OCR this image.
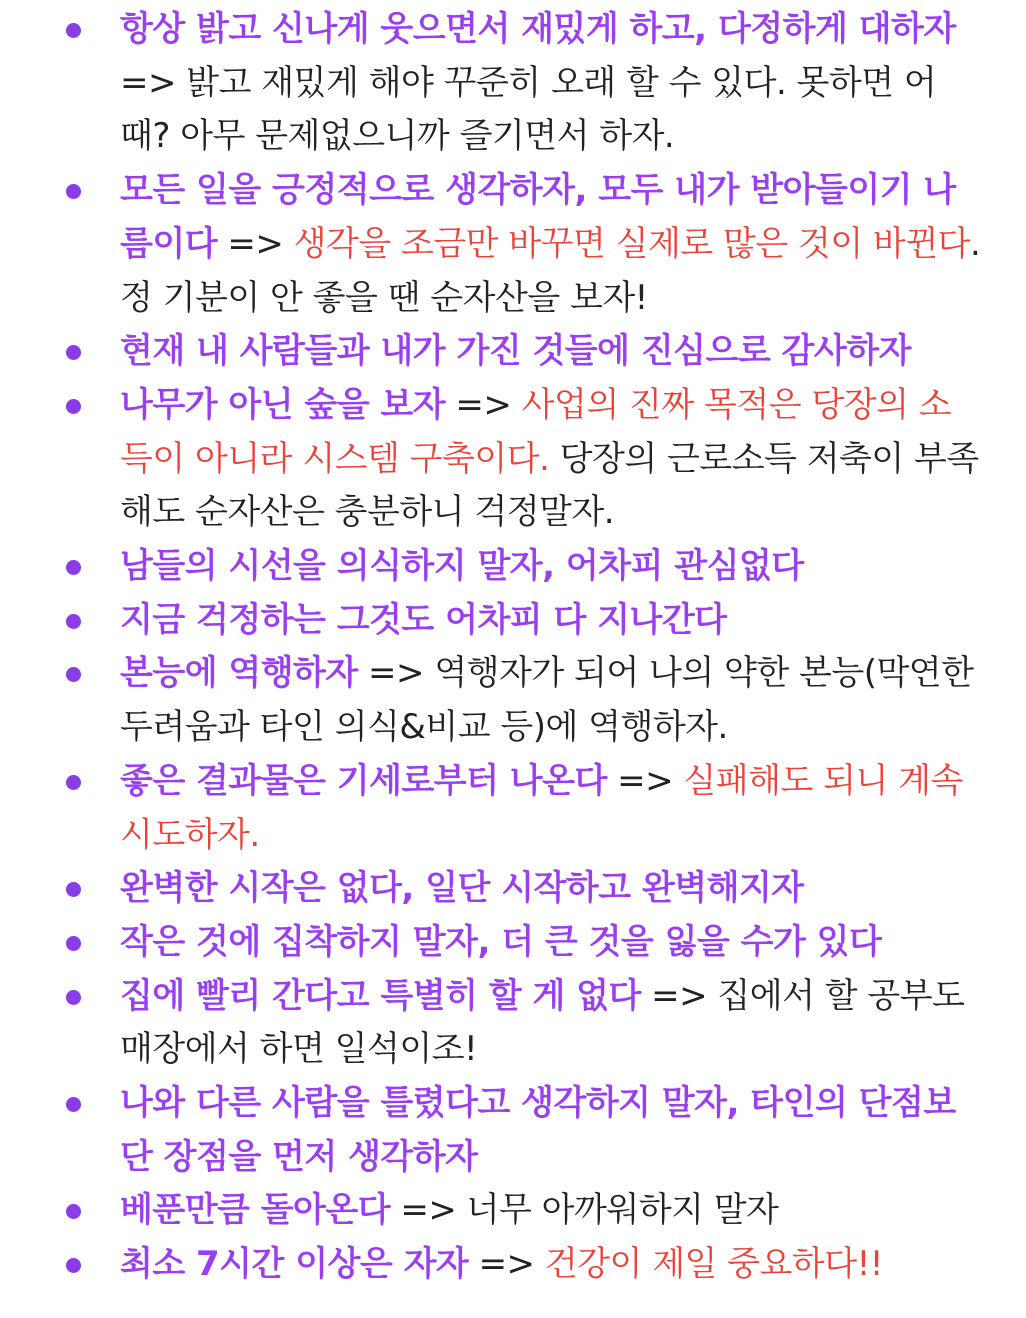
항상 밝고 신나게 웃으면서 재밌게 하고, 다정하게 대하자 => 밝고 재밌게 해야 꾸준히 오래 할 수 있다. 못하면 어때? 아무 문제없으니까 즐기면서 하자.
모든 일을 긍정적으로 생각하자, 모두 내가 받아들이기 나름이다 => 생각을 조금만 바꾸면 실제로 많은 것이 바뀐다. 정 기분이 안 좋을 땐 순자산을 보자!
현재 내 사람들과 내가 가진 것들에 진심으로 감사하자
나무가 아닌 숲을 보자 => 사업의 진짜 목적은 당장의 소득이 아니라 시스템 구축이다. 당장의 근로소득 저축이 부족해도 순자산은 충분하니 걱정말자.
남들의 시선을 의식하지 말자, 어차피 관심없다
지금 걱정하는 그것도 어차피 다 지나간다
본능에 역행하자 => 역행자가 되어 나의 약한 본능(막연한 두려움과 타인 의식&비교 등)에 역행하자.
좋은 결과물은 기세로부터 나온다 => 실패해도 되니 계속 시도하자.
완벽한 시작은 없다, 일단 시작하고 완벽해지자
작은 것에 집착하지 말자, 더 큰 것을 잃을 수가 있다
집에 빨리 간다고 특별히 할 게 없다 => 집에서 할 공부도 매장에서 하면 일석이조!
나와 다른 사람을 틀렸다고 생각하지 말자, 타인의 단점보단 장점을 먼저 생각하자
베푼만큼 돌아온다 => 너무 아까워하지 말자
최소 7시간 이상은 자자 => 건강이 제일 중요하다!!
